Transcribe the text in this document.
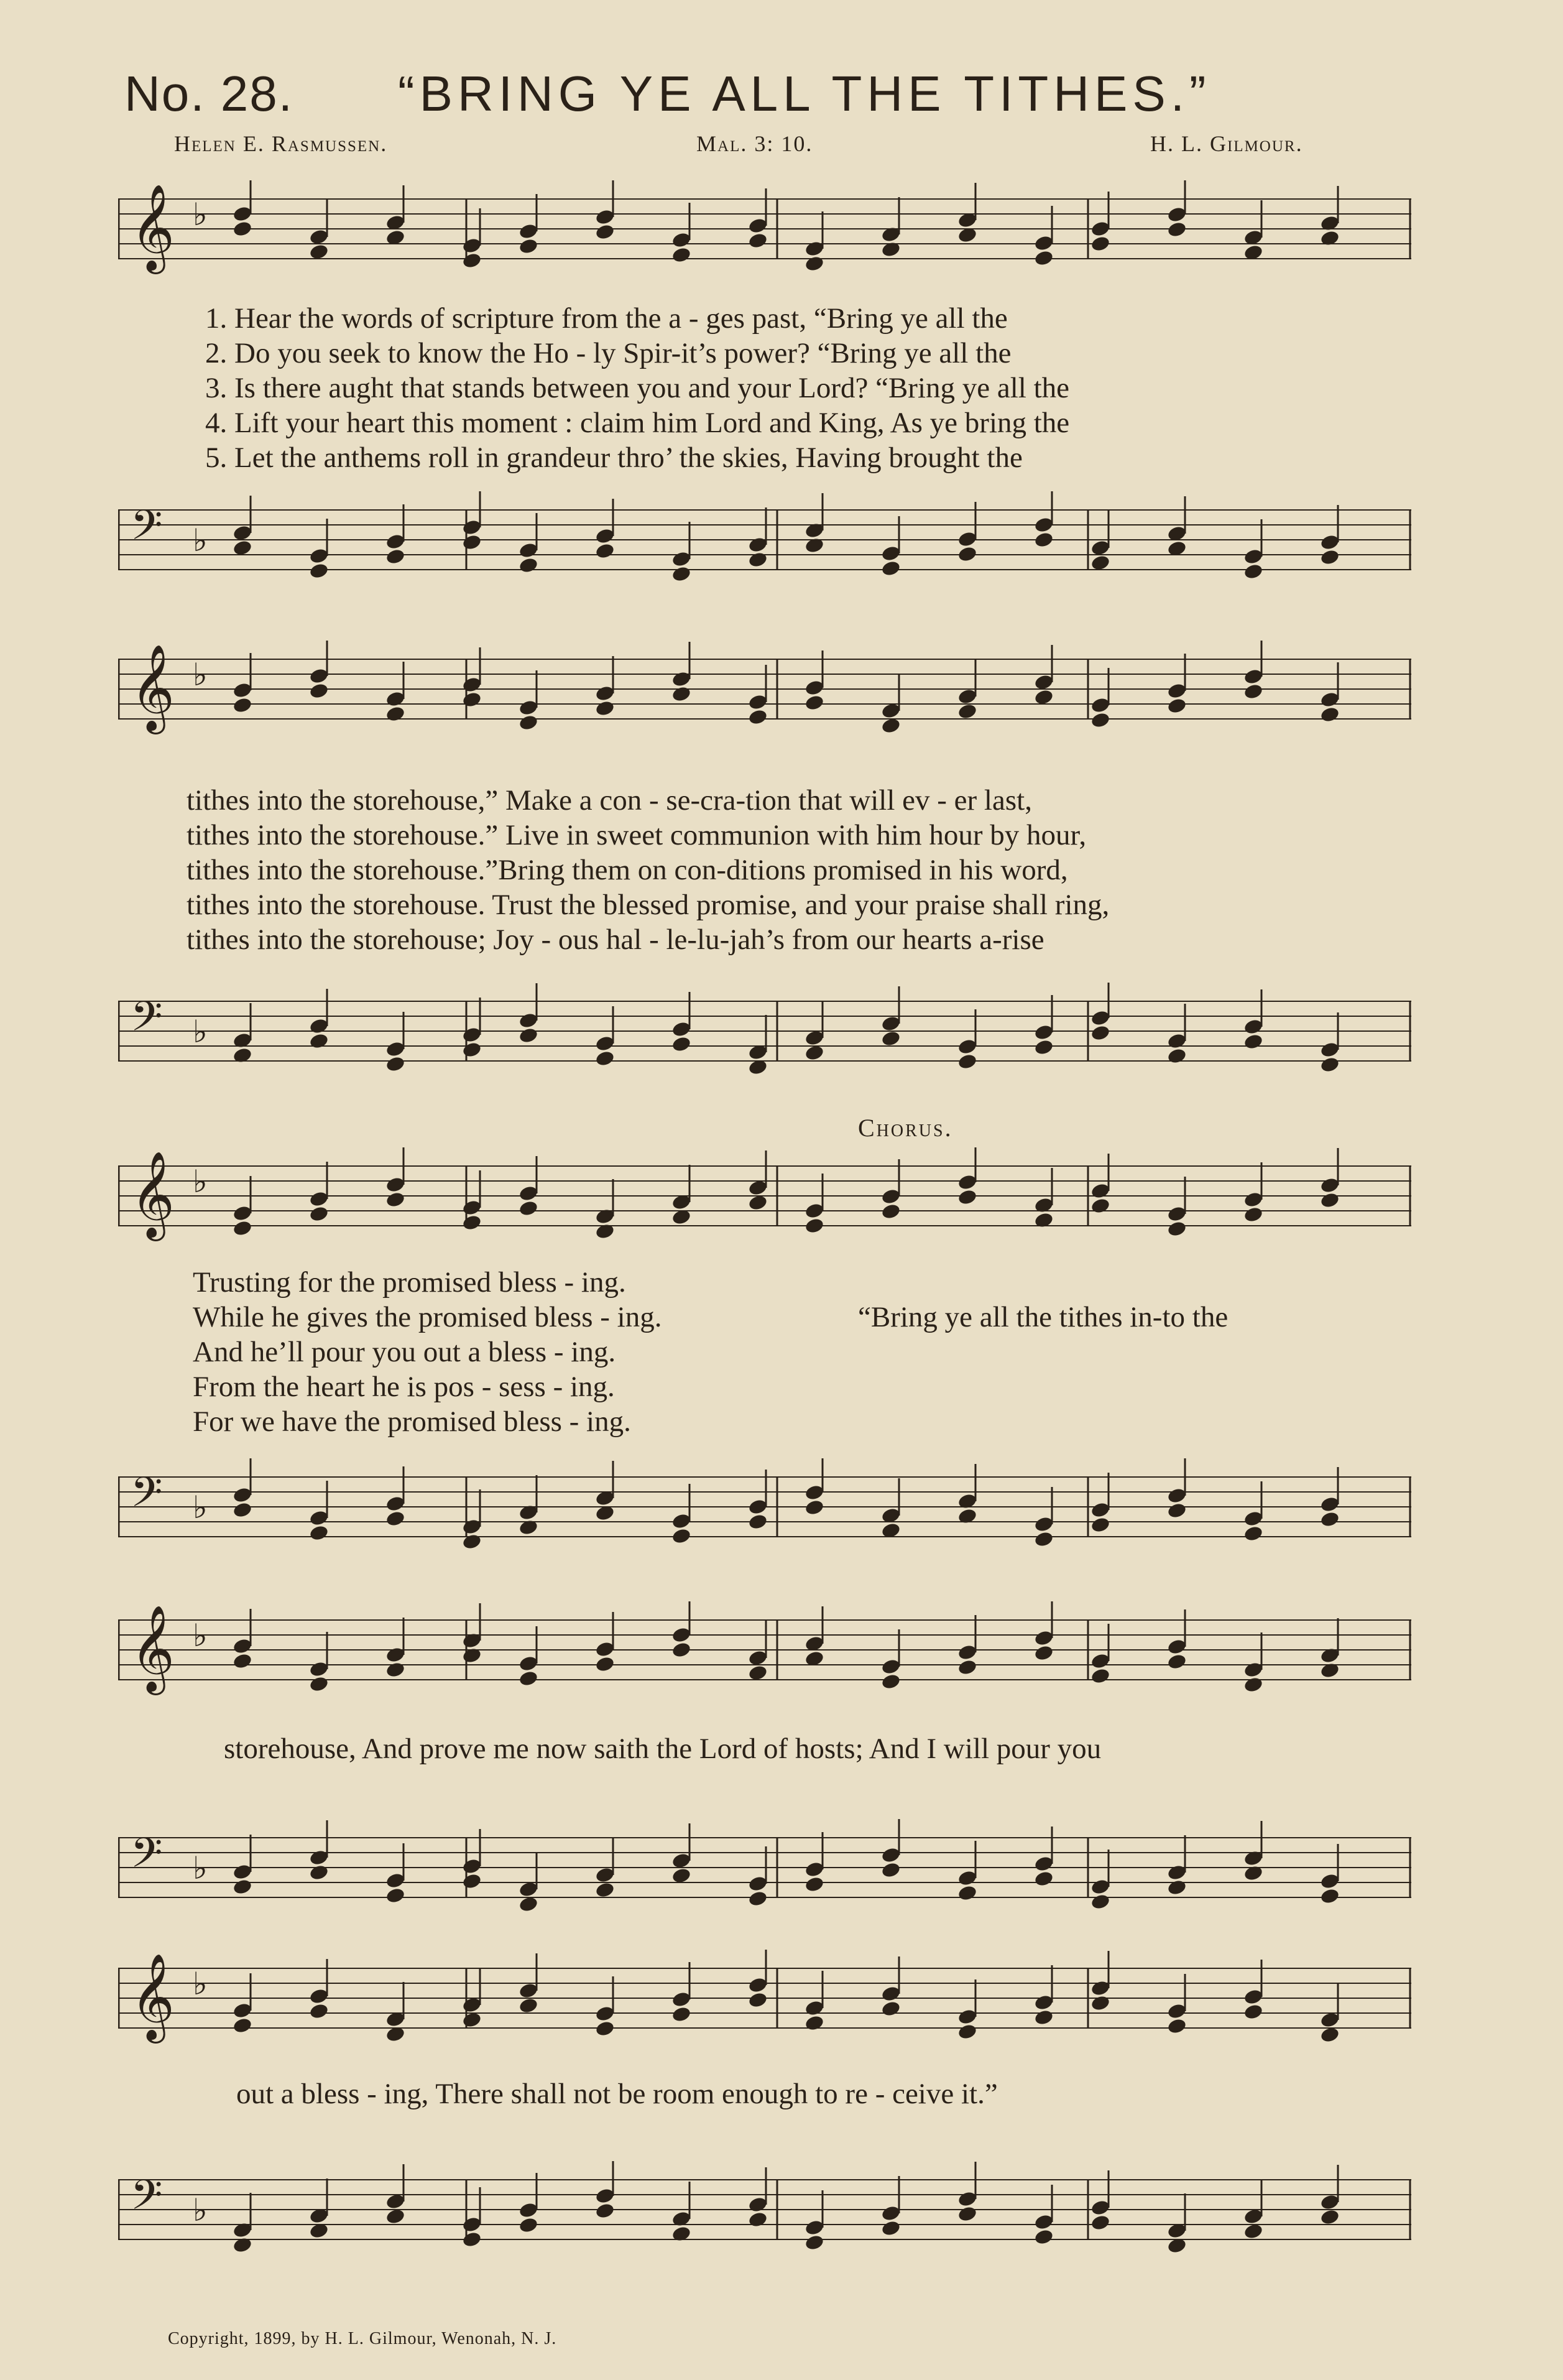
No. 28. “BRING YE ALL THE TITHES.”
Helen E. Rasmussen.	Mal. 3: 10.	H. L. Gilmour.
𝄞 ♭
1. Hear the words of scripture from the a - ges past, “Bring ye all the
2. Do you seek to know the Ho - ly Spir-it’s power? “Bring ye all the
3. Is there aught that stands between you and your Lord? “Bring ye all the
4. Lift your heart this moment : claim him Lord and King, As ye bring the
5. Let the anthems roll in grandeur thro’ the skies, Having brought the
𝄢 ♭
𝄞 ♭
tithes into the storehouse,” Make a con - se-cra-tion that will ev - er last,
tithes into the storehouse.” Live in sweet communion with him hour by hour,
tithes into the storehouse.”Bring them on con-ditions promised in his word,
tithes into the storehouse. Trust the blessed promise, and your praise shall ring,
tithes into the storehouse; Joy - ous hal - le-lu-jah’s from our hearts a-rise
𝄢 ♭
Chorus.
𝄞 ♭
Trusting for the promised bless - ing.
While he gives the promised bless - ing.
And he’ll pour you out a bless - ing.
From the heart he is pos - sess - ing.
For we have the promised bless - ing.
“Bring ye all the tithes in-to the
𝄢 ♭
𝄞 ♭
storehouse, And prove me now saith the Lord of hosts; And I will pour you
𝄢 ♭
𝄞 ♭
out a bless - ing, There shall not be room enough to re - ceive it.”
𝄢 ♭
Copyright, 1899, by H. L. Gilmour, Wenonah, N. J.
